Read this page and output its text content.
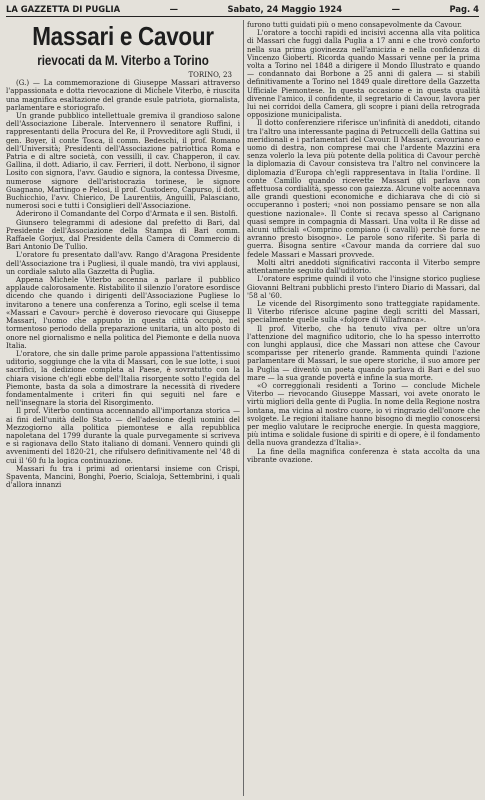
LA GAZZETTA DI PUGLIA	—	Sabato, 24 Maggio 1924	—	Pag. 4
Massari e Cavour
rievocati da M. Viterbo a Torino

TORINO, 23

(G.) — La commemorazione di Giuseppe Massari attraverso l'appassionata e dotta rievocazione di Michele Viterbo, è riuscita una magnifica esaltazione del grande esule patriota, giornalista, parlamentare e storiografo.

Un grande pubblico intellettuale gremiva il grandioso salone dell'Associazione Liberale. Intervennero il senatore Ruffini, i rappresentanti della Procura del Re, il Provveditore agli Studi, il gen. Boyer, il conte Tosca, il comm. Bedeschi, il prof. Romano dell'Università; Presidenti dell'Associazione patriottica Roma e Patria e di altre società, con vessilli, il cav. Chapperon, il cav. Gallina, il dott. Adiario, il cav. Ferrieri, il dott. Nerbono, il signor Losito con signora, l'avv. Gaudio e signora, la contessa Divesme, numerose signore dell'aristocrazia torinese, le signore Guagnano, Martingo e Pelosi, il prof. Custodero, Capurso, il dott. Buchicchio, l'avv. Chierico, De Laurentiis, Anguilli, Palasciano, numerosi soci e tutti i Consiglieri dell'Associazione.

Aderirono il Comandante del Corpo d'Armata e il sen. Bistolfi.

Giunsero telegrammi di adesione dal prefetto di Bari, dal Presidente dell'Associazione della Stampa di Bari comm. Raffaele Gorjux, dal Presidente della Camera di Commercio di Bari Antonio De Tullio.

L'oratore fu presentato dall'avv. Rango d'Aragona Presidente dell'Associazione tra i Pugliesi, il quale mandò, tra vivi applausi, un cordiale saluto alla Gazzetta di Puglia.

Appena Michele Viterbo accenna a parlare il pubblico applaude calorosamente. Ristabilito il silenzio l'oratore esordisce dicendo che quando i dirigenti dell'Associazione Pugliese lo invitarono a tenere una conferenza a Torino, egli scelse il tema «Massari e Cavour» perchè è doveroso rievocare qui Giuseppe Massari, l'uomo che appunto in questa città occupò, nel tormentoso periodo della preparazione unitaria, un alto posto di onore nel giornalismo e nella politica del Piemonte e della nuova Italia.

L'oratore, che sin dalle prime parole appassiona l'attentissimo uditorio, soggiunge che la vita di Massari, con le sue lotte, i suoi sacrifici, la dedizione completa al Paese, è sovratutto con la chiara visione ch'egli ebbe dell'Italia risorgente sotto l'egida del Piemonte, basta da sola a dimostrare la necessità di rivedere fondamentalmente i criteri fin qui seguiti nel fare e nell'insegnare la storia del Risorgimento.

Il prof. Viterbo continua accennando all'importanza storica — ai fini dell'unità dello Stato — dell'adesione degli uomini del Mezzogiorno alla politica piemontese e alla repubblica napoletana del 1799 durante la quale purvegamente si scriveva e si ragionava dello Stato italiano di domani. Vennero quindi gli avvenimenti del 1820-21, che rifulsero definitivamente nel '48 di cui il '60 fu la logica continuazione.

Massari fu tra i primi ad orientarsi insieme con Crispi, Spaventa, Mancini, Bonghi, Poerio, Scialoja, Settembrini, i quali d'allora innanzi

furono tutti guidati più o meno consapevolmente da Cavour.

L'oratore a tocchi rapidi ed incisivi accenna alla vita politica di Massari che fuggì dalla Puglia a 17 anni e che trovò conforto nella sua prima giovinezza nell'amicizia e nella confidenza di Vincenzo Gioberti. Ricorda quando Massari venne per la prima volta a Torino nel 1848 a dirigere il Mondo Illustrato e quando — condannato dai Borbone a 25 anni di galera — si stabilì definitivamente a Torino nel 1849 quale direttore della Gazzetta Ufficiale Piemontese. In questa occasione e in questa qualità divenne l'amico, il confidente, il segretario di Cavour, lavora per lui nei corridoi della Camera, gli scopre i piani della retrograda opposizione municipalista.

Il dotto conferenziere riferisce un'infinità di aneddoti, citando tra l'altro una interessante pagina di Petruccelli della Gattina sui meridionali e i parlamentari del Cavour. Il Massari, cavouriano e uomo di destra, non comprese mai che l'ardente Mazzini era senza volerlo la leva più potente della politica di Cavour perchè la diplomazia di Cavour consisteva tra l'altro nel convincere la diplomazia d'Europa ch'egli rappresentava in Italia l'ordine. Il conte Camillo quando ricevette Massari gli parlava con affettuosa cordialità, spesso con gaiezza. Alcune volte accennava alle grandi questioni economiche e dichiarava che di ciò si occuperanno i posteri; «noi non possiamo pensare se non alla questione nazionale». Il Conte si recava spesso al Carignano quasi sempre in compagnia di Massari. Una volta il Re disse ad alcuni ufficiali «Comprino compiano (i cavalli) perchè forse ne avranno presto bisogno». Le parole sono riferite. Si parla di guerra. Bisogna sentire «Cavour manda da corriere dal suo fedele Massari e Massari provvede.

Molti altri aneddoti significativi racconta il Viterbo sempre attentamente seguito dall'uditorio.

L'oratore esprime quindi il voto che l'insigne storico pugliese Giovanni Beltrani pubblichi presto l'intero Diario di Massari, dal '58 al '60.

Le vicende del Risorgimento sono tratteggiate rapidamente. Il Viterbo riferisce alcune pagine degli scritti del Massari, specialmente quelle sulla «folgore di Villafranca».

Il prof. Viterbo, che ha tenuto viva per oltre un'ora l'attenzione del magnifico uditorio, che lo ha spesso interrotto con lunghi applausi, dice che Massari non attese che Cavour scomparisse per ritenerlo grande. Rammenta quindi l'azione parlamentare di Massari, le sue opere storiche, il suo amore per la Puglia — diventò un poeta quando parlava di Bari e del suo mare — la sua grande povertà e infine la sua morte.

«O correggionali residenti a Torino — conclude Michele Viterbo — rievocando Giuseppe Massari, voi avete onorato le virtù migliori della gente di Puglia. In nome della Regione nostra lontana, ma vicina al nostro cuore, io vi ringrazio dell'onore che svolgete. Le regioni italiane hanno bisogno di meglio conoscersi per meglio valutare le reciproche energie. In questa maggiore, più intima e solidale fusione di spiriti e di opere, è il fondamento della nuova grandezza d'Italia».

La fine della magnifica conferenza è stata accolta da una vibrante ovazione.
